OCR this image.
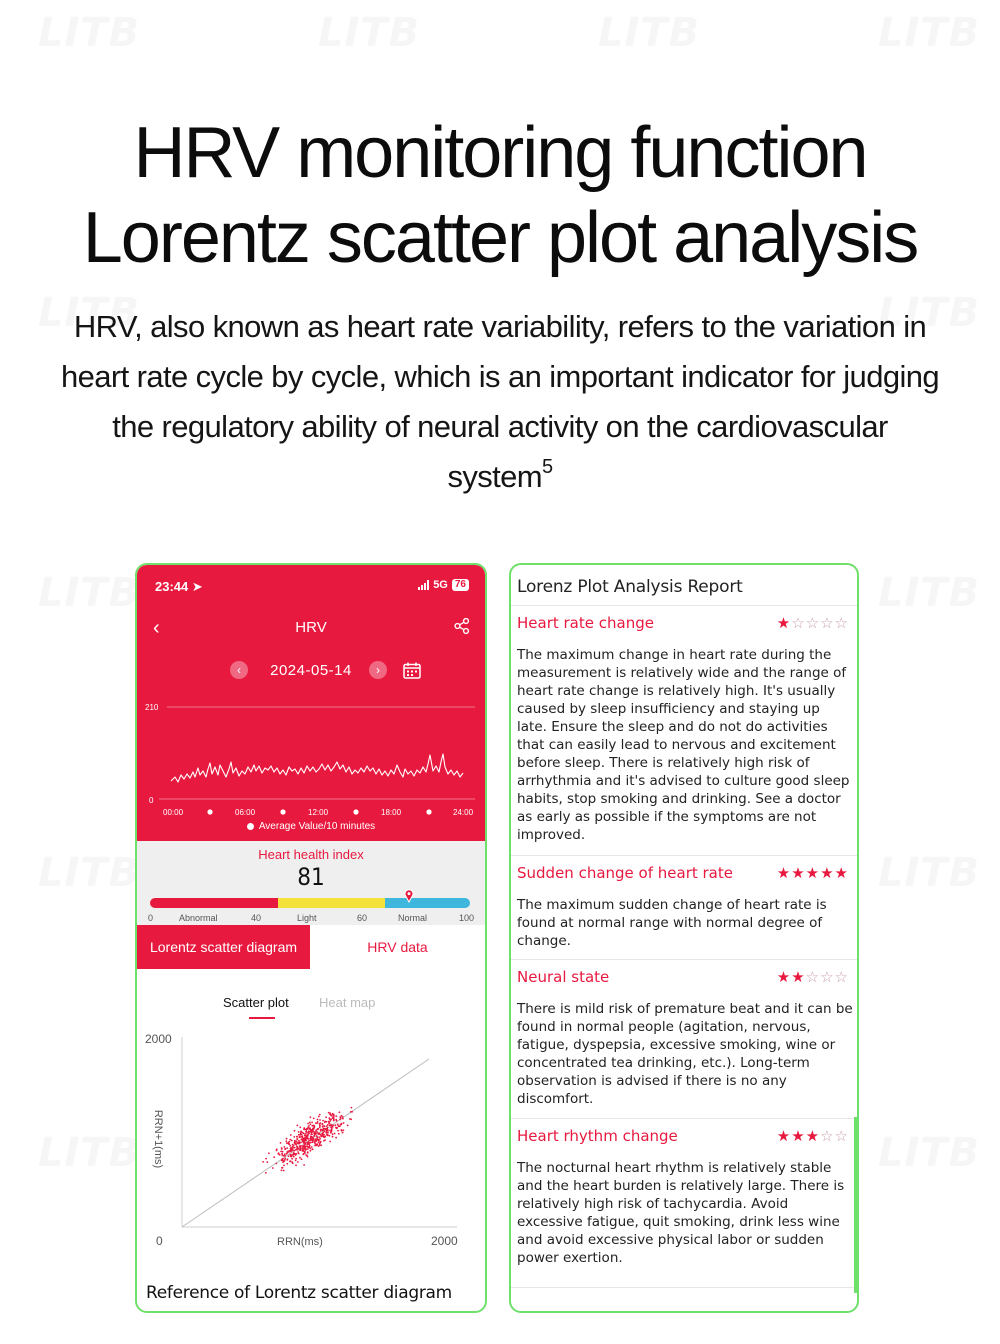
HRV monitoring function
Lorentz scatter plot analysis
HRV, also known as heart rate variability, refers to the variation in heart rate cycle by cycle, which is an important indicator for judging the regulatory ability of neural activity on the cardiovascular system$^5$
23:44 ➤	5G 76
‹	HRV
‹	2024-05-14	›
210
0
00:00	06:00	12:00	18:00	24:00
Average Value/10 minutes
Heart health index
81
0	Abnormal	40	Light	60	Normal	100
Lorentz scatter diagram	HRV data
Scatter plot Heat map
2000
0	2000
RRN(ms)
RRN+1(ms)
Reference of Lorentz scatter diagram
Lorenz Plot Analysis Report
Heart rate change	★☆☆☆☆
The maximum change in heart rate during the measurement is relatively wide and the range of heart rate change is relatively high. It's usually caused by sleep insufficiency and staying up late. Ensure the sleep and do not do activities that can easily lead to nervous and excitement before sleep. There is relatively high risk of arrhythmia and it's advised to culture good sleep habits, stop smoking and drinking. See a doctor as early as possible if the symptoms are not improved.
Sudden change of heart rate	★★★★★
The maximum sudden change of heart rate is found at normal range with normal degree of change.
Neural state	★★☆☆☆
There is mild risk of premature beat and it can be found in normal people (agitation, nervous, fatigue, dyspepsia, excessive smoking, wine or concentrated tea drinking, etc.). Long-term observation is advised if there is no any discomfort.
Heart rhythm change	★★★☆☆
The nocturnal heart rhythm is relatively stable and the heart burden is relatively large. There is relatively high risk of tachycardia. Avoid excessive fatigue, quit smoking, drink less wine and avoid excessive physical labor or sudden power exertion.
